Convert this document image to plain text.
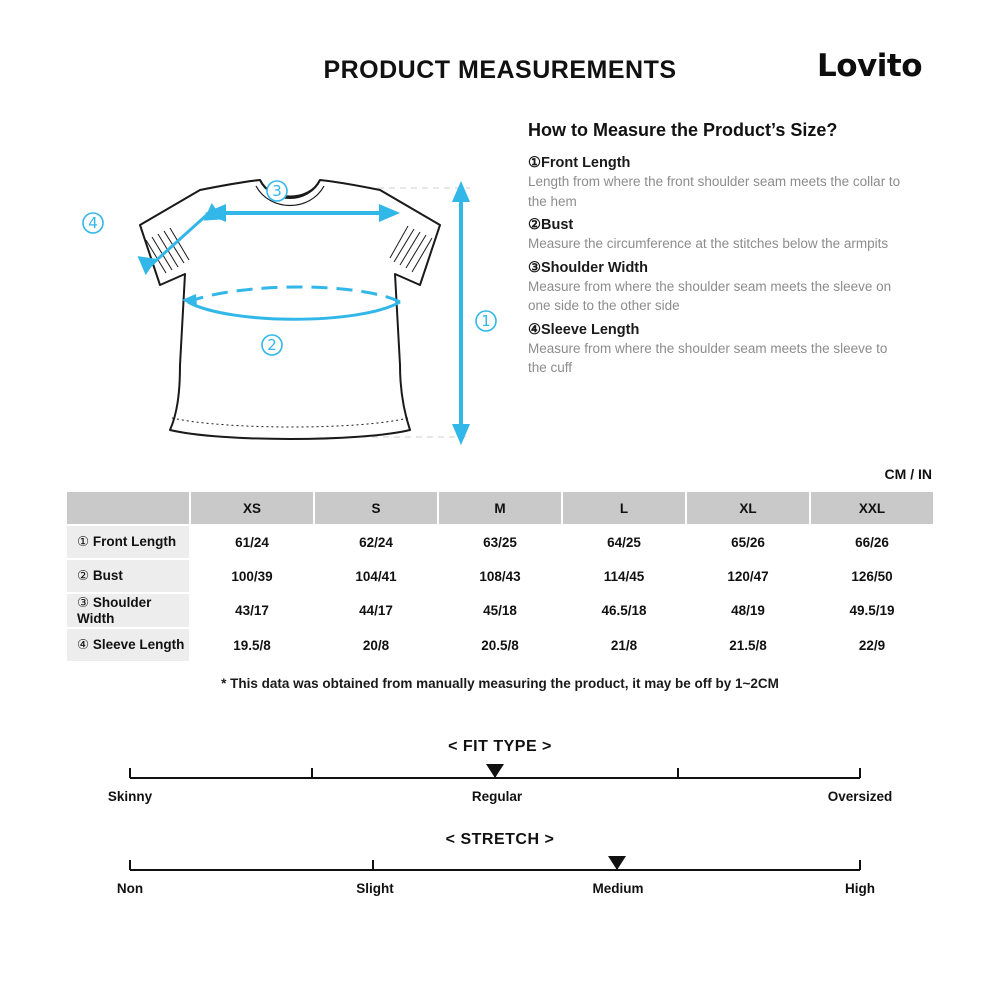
PRODUCT MEASUREMENTS	Lovito
3
2
4
1
How to Measure the Product’s Size?
①Front Length
Length from where the front shoulder seam meets the collar to the hem
②Bust
Measure the circumference at the stitches below the armpits
③Shoulder Width
Measure from where the shoulder seam meets the sleeve on one side to the other side
④Sleeve Length
Measure from where the shoulder seam meets the sleeve to the cuff
CM / IN
	XS	S	M	L	XL	XXL
① Front Length	61/24	62/24	63/25	64/25	65/26	66/26
② Bust	100/39	104/41	108/43	114/45	120/47	126/50
③ Shoulder Width	43/17	44/17	45/18	46.5/18	48/19	49.5/19
④ Sleeve Length	19.5/8	20/8	20.5/8	21/8	21.5/8	22/9
* This data was obtained from manually measuring the product, it may be off by 1~2CM
< FIT TYPE >
Skinny	Regular	Oversized
< STRETCH >
Non	Slight	Medium	High
